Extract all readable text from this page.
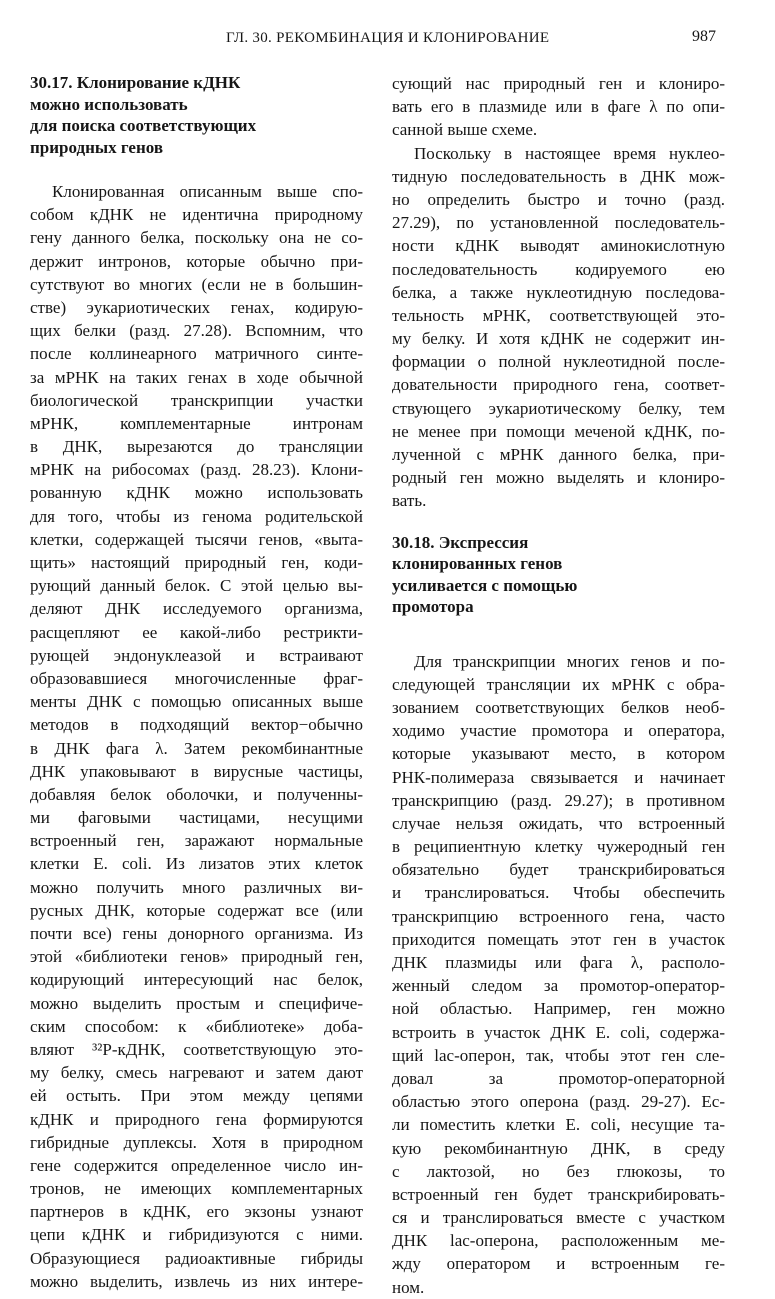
ГЛ. 30. РЕКОМБИНАЦИЯ И КЛОНИРОВАНИЕ	987
30.17. Клонирование кДНК
можно использовать
для поиска соответствующих
природных генов
Клонированная описанным выше спо-
собом кДНК не идентична природному
гену данного белка, поскольку она не со-
держит интронов, которые обычно при-
сутствуют во многих (если не в большин-
стве) эукариотических генах, кодирую-
щих белки (разд. 27.28). Вспомним, что
после коллинеарного матричного синте-
за мРНК на таких генах в ходе обычной
биологической транскрипции участки
мРНК, комплементарные интронам
в ДНК, вырезаются до трансляции
мРНК на рибосомах (разд. 28.23). Клони-
рованную кДНК можно использовать
для того, чтобы из генома родительской
клетки, содержащей тысячи генов, «выта-
щить» настоящий природный ген, коди-
рующий данный белок. С этой целью вы-
деляют ДНК исследуемого организма,
расщепляют ее какой-либо рестрикти-
рующей эндонуклеазой и встраивают
образовавшиеся многочисленные фраг-
менты ДНК с помощью описанных выше
методов в подходящий вектор−обычно
в ДНК фага λ. Затем рекомбинантные
ДНК упаковывают в вирусные частицы,
добавляя белок оболочки, и полученны-
ми фаговыми частицами, несущими
встроенный ген, заражают нормальные
клетки E. coli. Из лизатов этих клеток
можно получить много различных ви-
русных ДНК, которые содержат все (или
почти все) гены донорного организма. Из
этой «библиотеки генов» природный ген,
кодирующий интересующий нас белок,
можно выделить простым и специфиче-
ским способом: к «библиотеке» доба-
вляют ³²Р-кДНК, соответствующую это-
му белку, смесь нагревают и затем дают
ей остыть. При этом между цепями
кДНК и природного гена формируются
гибридные дуплексы. Хотя в природном
гене содержится определенное число ин-
тронов, не имеющих комплементарных
партнеров в кДНК, его экзоны узнают
цепи кДНК и гибридизуются с ними.
Образующиеся радиоактивные гибриды
можно выделить, извлечь из них интере-
сующий нас природный ген и клониро-
вать его в плазмиде или в фаге λ по опи-
санной выше схеме.
Поскольку в настоящее время нуклео-
тидную последовательность в ДНК мож-
но определить быстро и точно (разд.
27.29), по установленной последователь-
ности кДНК выводят аминокислотную
последовательность кодируемого ею
белка, а также нуклеотидную последова-
тельность мРНК, соответствующей это-
му белку. И хотя кДНК не содержит ин-
формации о полной нуклеотидной после-
довательности природного гена, соответ-
ствующего эукариотическому белку, тем
не менее при помощи меченой кДНК, по-
лученной с мРНК данного белка, при-
родный ген можно выделять и клониро-
вать.
30.18. Экспрессия
клонированных генов
усиливается с помощью
промотора
Для транскрипции многих генов и по-
следующей трансляции их мРНК с обра-
зованием соответствующих белков необ-
ходимо участие промотора и оператора,
которые указывают место, в котором
РНК-полимераза связывается и начинает
транскрипцию (разд. 29.27); в противном
случае нельзя ожидать, что встроенный
в реципиентную клетку чужеродный ген
обязательно будет транскрибироваться
и транслироваться. Чтобы обеспечить
транскрипцию встроенного гена, часто
приходится помещать этот ген в участок
ДНК плазмиды или фага λ, располо-
женный следом за промотор-оператор-
ной областью. Например, ген можно
встроить в участок ДНК E. coli, содержа-
щий lac-оперон, так, чтобы этот ген сле-
довал за промотор-операторной
областью этого оперона (разд. 29-27). Ес-
ли поместить клетки E. coli, несущие та-
кую рекомбинантную ДНК, в среду
с лактозой, но без глюкозы, то
встроенный ген будет транскрибировать-
ся и транслироваться вместе с участком
ДНК lac-оперона, расположенным ме-
жду оператором и встроенным ге-
ном.
